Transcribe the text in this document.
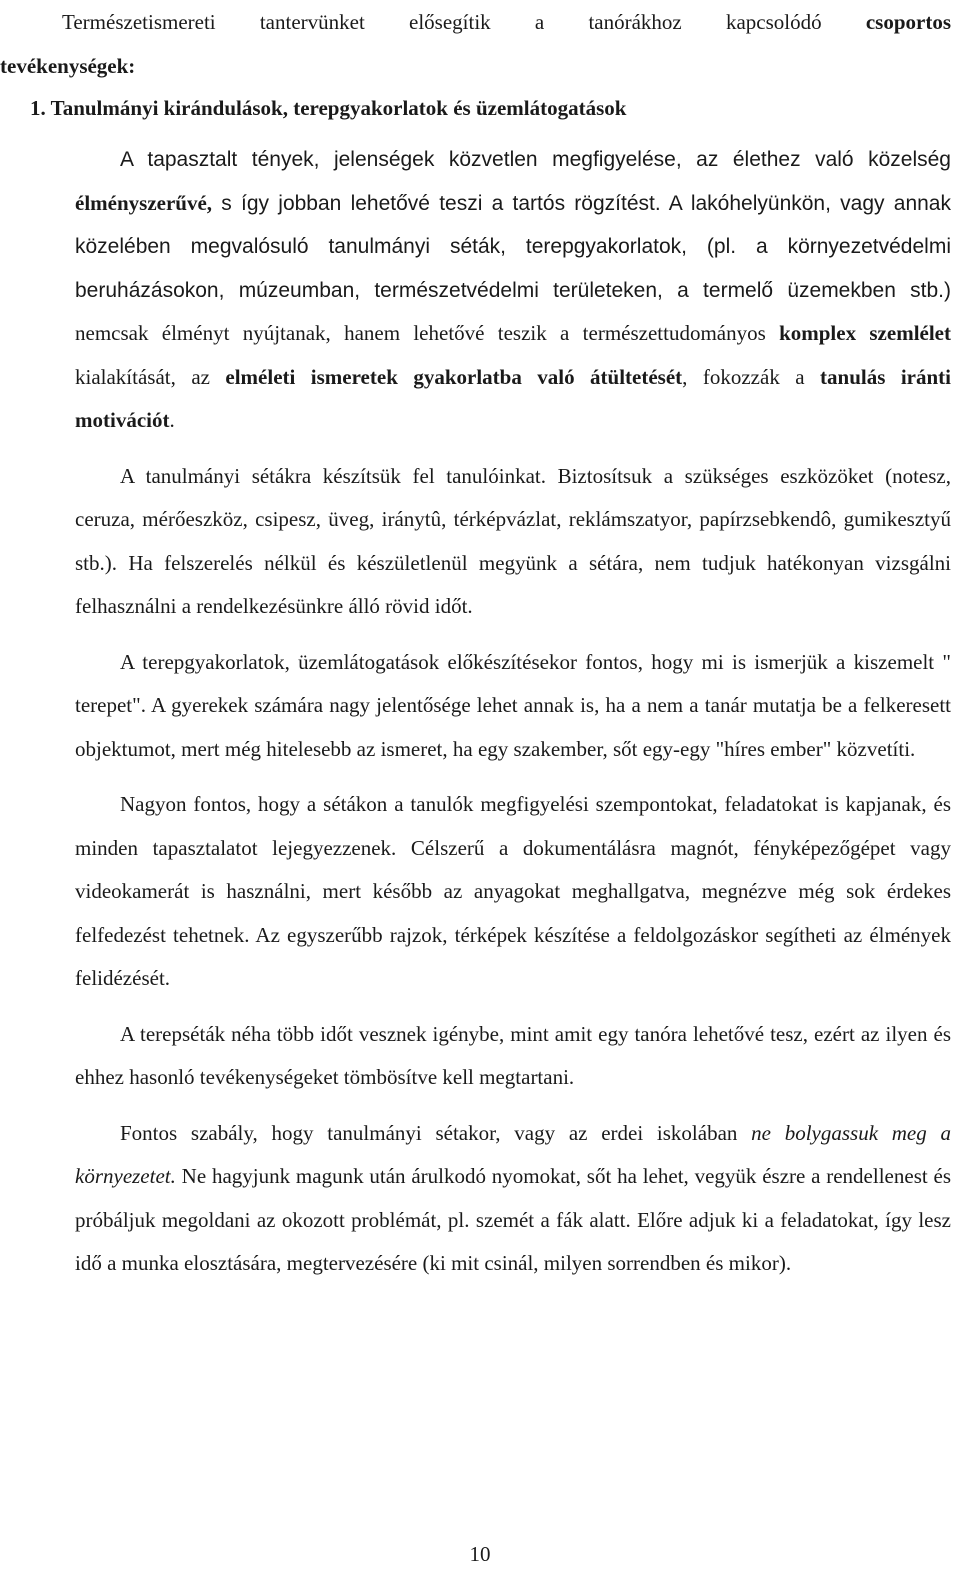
Természetismereti tantervünket elősegítik a tanórákhoz kapcsolódó csoportos
tevékenységek:
1. Tanulmányi kirándulások, terepgyakorlatok és üzemlátogatások

A tapasztalt tények, jelenségek közvetlen megfigyelése, az élethez való közelség élményszerűvé, s így jobban lehetővé teszi a tartós rögzítést. A lakóhelyünkön, vagy annak közelében megvalósuló tanulmányi séták, terepgyakorlatok, (pl. a környezetvédelmi beruházásokon, múzeumban, természetvédelmi területeken, a termelő üzemekben stb.) nemcsak élményt nyújtanak, hanem lehetővé teszik a természettudományos komplex szemlélet kialakítását, az elméleti ismeretek gyakorlatba való átültetését, fokozzák a tanulás iránti motivációt.

A tanulmányi sétákra készítsük fel tanulóinkat. Biztosítsuk a szükséges eszközöket (notesz, ceruza, mérőeszköz, csipesz, üveg, iránytû, térképvázlat, reklámszatyor, papírzsebkendô, gumikesztyű stb.). Ha felszerelés nélkül és készületlenül megyünk a sétára, nem tudjuk hatékonyan vizsgálni felhasználni a rendelkezésünkre álló rövid időt.

A terepgyakorlatok, üzemlátogatások előkészítésekor fontos, hogy mi is ismerjük a kiszemelt " terepet". A gyerekek számára nagy jelentősége lehet annak is, ha a nem a tanár mutatja be a felkeresett objektumot, mert még hitelesebb az ismeret, ha egy szakember, sőt egy-egy "híres ember" közvetíti.

Nagyon fontos, hogy a sétákon a tanulók megfigyelési szempontokat, feladatokat is kapjanak, és minden tapasztalatot lejegyezzenek. Célszerű a dokumentálásra magnót, fényképezőgépet vagy videokamerát is használni, mert később az anyagokat meghallgatva, megnézve még sok érdekes felfedezést tehetnek. Az egyszerűbb rajzok, térképek készítése a feldolgozáskor segítheti az élmények felidézését.

A terepséták néha több időt vesznek igénybe, mint amit egy tanóra lehetővé tesz, ezért az ilyen és ehhez hasonló tevékenységeket tömbösítve kell megtartani.

Fontos szabály, hogy tanulmányi sétakor, vagy az erdei iskolában ne bolygassuk meg a környezetet. Ne hagyjunk magunk után árulkodó nyomokat, sőt ha lehet, vegyük észre a rendellenest és próbáljuk megoldani az okozott problémát, pl. szemét a fák alatt. Előre adjuk ki a feladatokat, így lesz idő a munka elosztására, megtervezésére (ki mit csinál, milyen sorrendben és mikor).

10
